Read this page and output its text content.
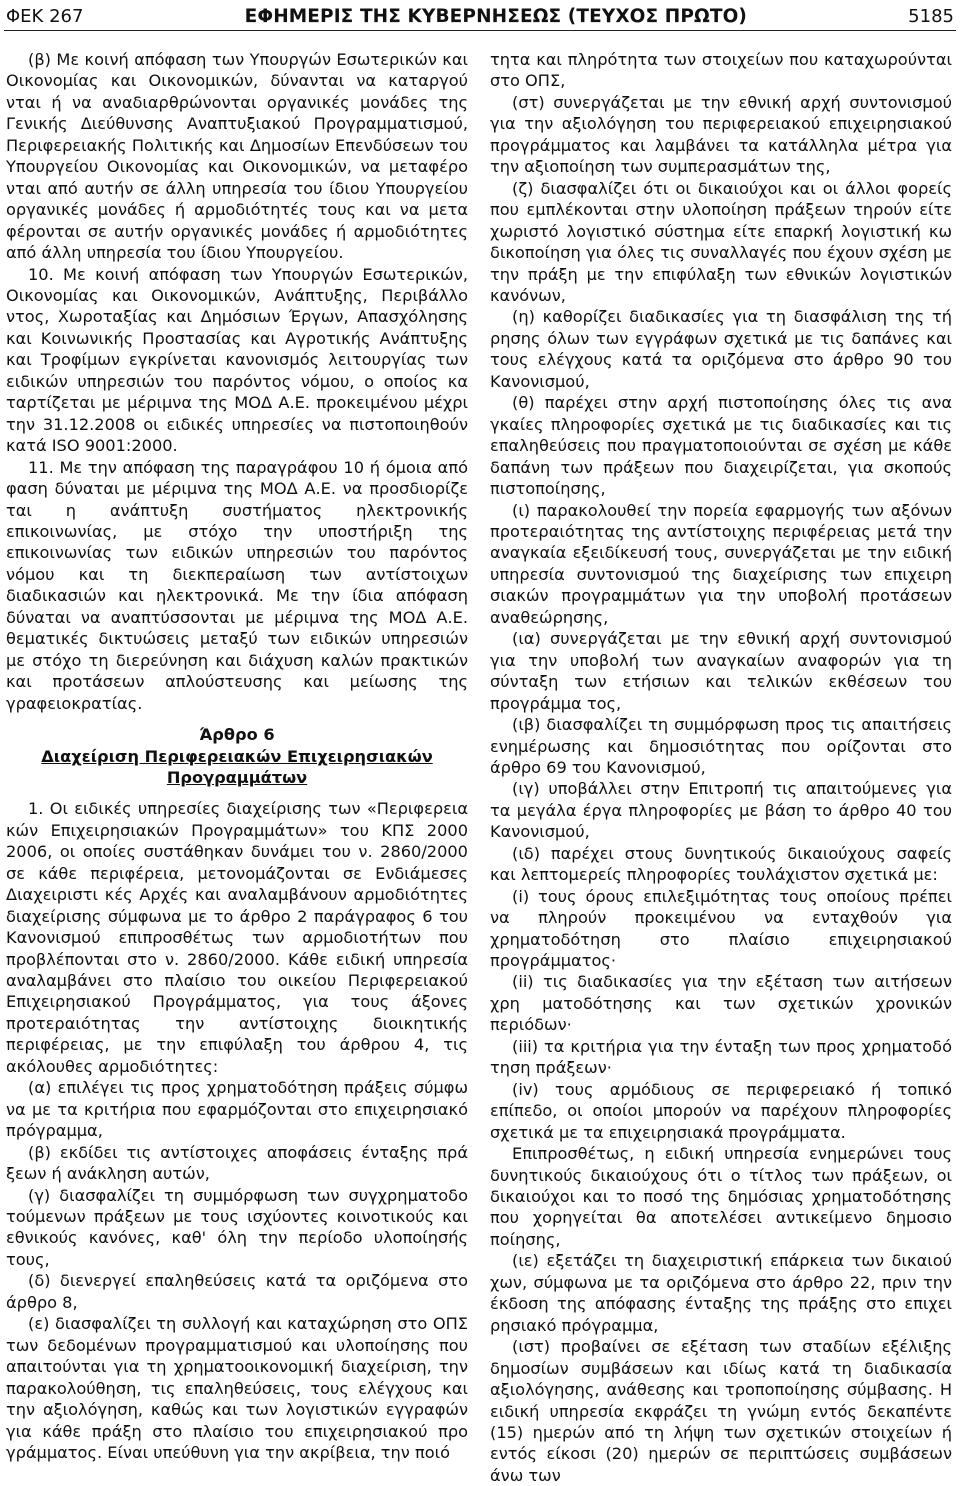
ΦΕΚ 267	ΕΦΗΜΕΡΙΣ ΤΗΣ ΚΥΒΕΡΝΗΣΕΩΣ (ΤΕΥΧΟΣ ΠΡΩΤΟ)	5185

(β) Με κοινή απόφαση των Υπουργών Εσωτερικών και Οικονομίας και Οικονομικών, δύνανται να καταργού νται ή να αναδιαρθρώνονται οργανικές μονάδες της Γενικής Διεύθυνσης Αναπτυξιακού Προγραμματισμού, Περιφερειακής Πολιτικής και Δημοσίων Επενδύσεων του Υπουργείου Οικονομίας και Οικονομικών, να μεταφέρο νται από αυτήν σε άλλη υπηρεσία του ίδιου Υπουργείου οργανικές μονάδες ή αρμοδιότητές τους και να μετα φέρονται σε αυτήν οργανικές μονάδες ή αρμοδιότητες από άλλη υπηρεσία του ίδιου Υπουργείου.

10. Με κοινή απόφαση των Υπουργών Εσωτερικών, Οικονομίας και Οικονομικών, Ανάπτυξης, Περιβάλλο ντος, Χωροταξίας και Δημόσιων Έργων, Απασχόλησης και Κοινωνικής Προστασίας και Αγροτικής Ανάπτυξης και Τροφίμων εγκρίνεται κανονισμός λειτουργίας των ειδικών υπηρεσιών του παρόντος νόμου, ο οποίος κα ταρτίζεται με μέριμνα της ΜΟΔ Α.Ε. προκειμένου μέχρι την 31.12.2008 οι ειδικές υπηρεσίες να πιστοποιηθούν κατά ISO 9001:2000.

11. Με την απόφαση της παραγράφου 10 ή όμοια από φαση δύναται με μέριμνα της ΜΟΔ Α.Ε. να προσδιορίζε ται η ανάπτυξη συστήματος ηλεκτρονικής επικοινωνίας, με στόχο την υποστήριξη της επικοινωνίας των ειδικών υπηρεσιών του παρόντος νόμου και τη διεκπεραίωση των αντίστοιχων διαδικασιών και ηλεκτρονικά. Με την ίδια απόφαση δύναται να αναπτύσσονται με μέριμνα της ΜΟΔ Α.Ε. θεματικές δικτυώσεις μεταξύ των ειδικών υπηρεσιών με στόχο τη διερεύνηση και διάχυση καλών πρακτικών και προτάσεων απλούστευσης και μείωσης της γραφειοκρατίας.

Άρθρο 6

Διαχείριση Περιφερειακών Επιχειρησιακών

Προγραμμάτων

1. Οι ειδικές υπηρεσίες διαχείρισης των «Περιφερεια κών Επιχειρησιακών Προγραμμάτων» του ΚΠΣ 2000 2006, οι οποίες συστάθηκαν δυνάμει του ν. 2860/2000 σε κάθε περιφέρεια, μετονομάζονται σε Ενδιάμεσες Διαχειριστι κές Αρχές και αναλαμβάνουν αρμοδιότητες διαχείρισης σύμφωνα με το άρθρο 2 παράγραφος 6 του Κανονισμού επιπροσθέτως των αρμοδιοτήτων που προβλέπονται στο ν. 2860/2000. Κάθε ειδική υπηρεσία αναλαμβάνει στο πλαίσιο του οικείου Περιφερειακού Επιχειρησιακού Προγράμματος, για τους άξονες προτεραιότητας την αντίστοιχης διοικητικής περιφέρειας, με την επιφύλαξη του άρθρου 4, τις ακόλουθες αρμοδιότητες:

(α) επιλέγει τις προς χρηματοδότηση πράξεις σύμφω να με τα κριτήρια που εφαρμόζονται στο επιχειρησιακό πρόγραμμα,

(β) εκδίδει τις αντίστοιχες αποφάσεις ένταξης πρά ξεων ή ανάκληση αυτών,

(γ) διασφαλίζει τη συμμόρφωση των συγχρηματοδο τούμενων πράξεων με τους ισχύοντες κοινοτικούς και εθνικούς κανόνες, καθ' όλη την περίοδο υλοποίησής τους,

(δ) διενεργεί επαληθεύσεις κατά τα οριζόμενα στο άρθρο 8,

(ε) διασφαλίζει τη συλλογή και καταχώρηση στο ΟΠΣ των δεδομένων προγραμματισμού και υλοποίησης που απαιτούνται για τη χρηματοοικονομική διαχείριση, την παρακολούθηση, τις επαληθεύσεις, τους ελέγχους και την αξιολόγηση, καθώς και των λογιστικών εγγραφών για κάθε πράξη στο πλαίσιο του επιχειρησιακού προ γράμματος. Είναι υπεύθυνη για την ακρίβεια, την ποιό

τητα και πληρότητα των στοιχείων που καταχωρούνται στο ΟΠΣ,

(στ) συνεργάζεται με την εθνική αρχή συντονισμού για την αξιολόγηση του περιφερειακού επιχειρησιακού προγράμματος και λαμβάνει τα κατάλληλα μέτρα για την αξιοποίηση των συμπερασμάτων της,

(ζ) διασφαλίζει ότι οι δικαιούχοι και οι άλλοι φορείς που εμπλέκονται στην υλοποίηση πράξεων τηρούν είτε χωριστό λογιστικό σύστημα είτε επαρκή λογιστική κω δικοποίηση για όλες τις συναλλαγές που έχουν σχέση με την πράξη με την επιφύλαξη των εθνικών λογιστικών κανόνων,

(η) καθορίζει διαδικασίες για τη διασφάλιση της τή ρησης όλων των εγγράφων σχετικά με τις δαπάνες και τους ελέγχους κατά τα οριζόμενα στο άρθρο 90 του Κανονισμού,

(θ) παρέχει στην αρχή πιστοποίησης όλες τις ανα γκαίες πληροφορίες σχετικά με τις διαδικασίες και τις επαληθεύσεις που πραγματοποιούνται σε σχέση με κάθε δαπάνη των πράξεων που διαχειρίζεται, για σκοπούς πιστοποίησης,

(ι) παρακολουθεί την πορεία εφαρμογής των αξόνων προτεραιότητας της αντίστοιχης περιφέρειας μετά την αναγκαία εξειδίκευσή τους, συνεργάζεται με την ειδική υπηρεσία συντονισμού της διαχείρισης των επιχειρη σιακών προγραμμάτων για την υποβολή προτάσεων αναθεώρησης,

(ια) συνεργάζεται με την εθνική αρχή συντονισμού για την υποβολή των αναγκαίων αναφορών για τη σύνταξη των ετήσιων και τελικών εκθέσεων του προγράμμα τος,

(ιβ) διασφαλίζει τη συμμόρφωση προς τις απαιτήσεις ενημέρωσης και δημοσιότητας που ορίζονται στο άρθρο 69 του Κανονισμού,

(ιγ) υποβάλλει στην Επιτροπή τις απαιτούμενες για τα μεγάλα έργα πληροφορίες με βάση το άρθρο 40 του Κανονισμού,

(ιδ) παρέχει στους δυνητικούς δικαιούχους σαφείς και λεπτομερείς πληροφορίες τουλάχιστον σχετικά με:

(i) τους όρους επιλεξιμότητας τους οποίους πρέπει να πληρούν προκειμένου να ενταχθούν για χρηματοδότηση στο πλαίσιο επιχειρησιακού προγράμματος·

(ii) τις διαδικασίες για την εξέταση των αιτήσεων χρη ματοδότησης και των σχετικών χρονικών περιόδων·

(iii) τα κριτήρια για την ένταξη των προς χρηματοδό τηση πράξεων·

(iv) τους αρμόδιους σε περιφερειακό ή τοπικό επίπεδο, οι οποίοι μπορούν να παρέχουν πληροφορίες σχετικά με τα επιχειρησιακά προγράμματα.

Επιπροσθέτως, η ειδική υπηρεσία ενημερώνει τους δυνητικούς δικαιούχους ότι ο τίτλος των πράξεων, οι δικαιούχοι και το ποσό της δημόσιας χρηματοδότησης που χορηγείται θα αποτελέσει αντικείμενο δημοσιο ποίησης,

(ιε) εξετάζει τη διαχειριστική επάρκεια των δικαιού χων, σύμφωνα με τα οριζόμενα στο άρθρο 22, πριν την έκδοση της απόφασης ένταξης της πράξης στο επιχει ρησιακό πρόγραμμα,

(ιστ) προβαίνει σε εξέταση των σταδίων εξέλιξης δημοσίων συμβάσεων και ιδίως κατά τη διαδικασία αξιολόγησης, ανάθεσης και τροποποίησης σύμβασης. Η ειδική υπηρεσία εκφράζει τη γνώμη εντός δεκαπέντε (15) ημερών από τη λήψη των σχετικών στοιχείων ή εντός είκοσι (20) ημερών σε περιπτώσεις συμβάσεων άνω των
